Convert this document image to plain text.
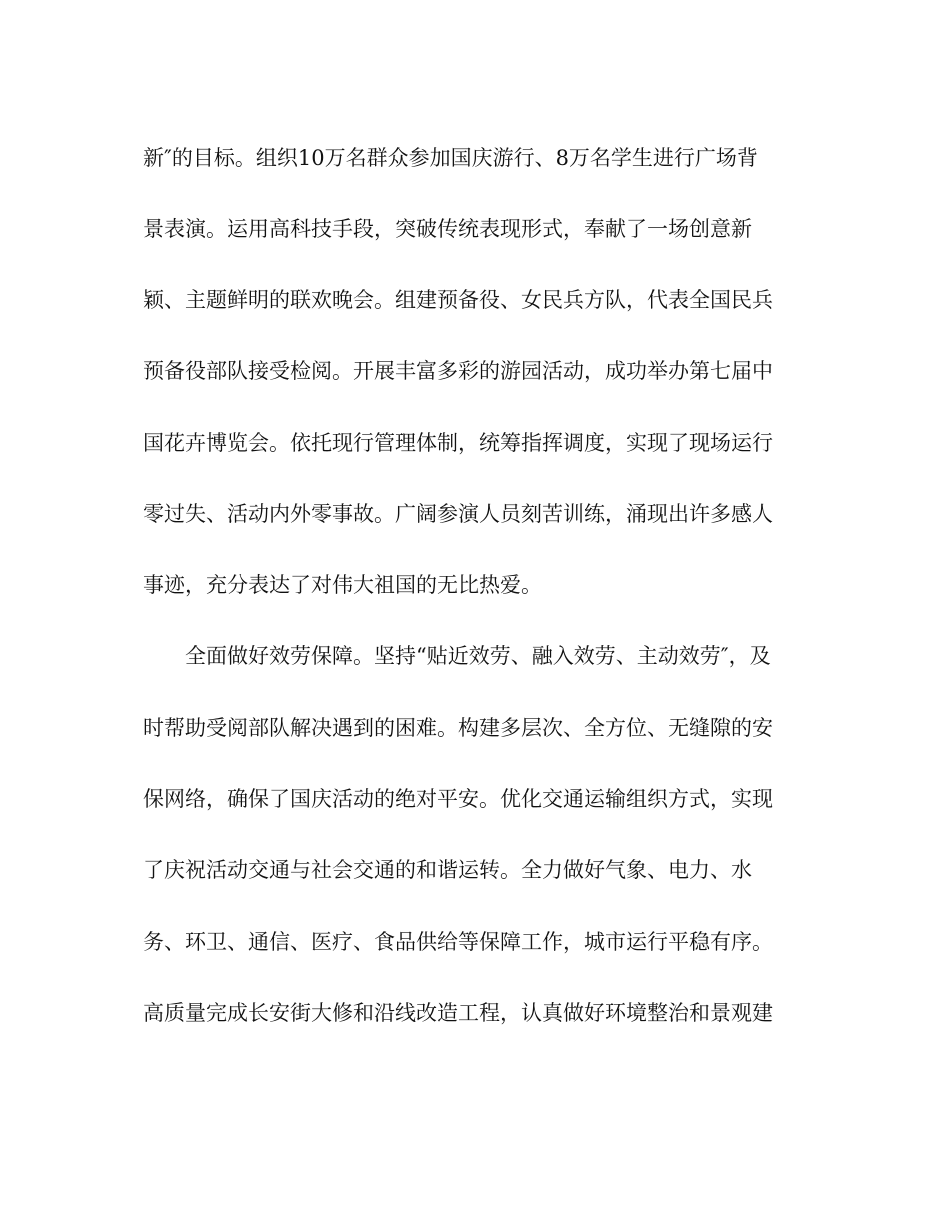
新″的目标。组织10万名群众参加国庆游行、8万名学生进行广场背
景表演。运用高科技手段，突破传统表现形式，奉献了一场创意新
颖、主题鲜明的联欢晚会。组建预备役、女民兵方队，代表全国民兵
预备役部队接受检阅。开展丰富多彩的游园活动，成功举办第七届中
国花卉博览会。依托现行管理体制，统筹指挥调度，实现了现场运行
零过失、活动内外零事故。广阔参演人员刻苦训练，涌现出许多感人
事迹，充分表达了对伟大祖国的无比热爱。
全面做好效劳保障。坚持“贴近效劳、融入效劳、主动效劳″，及
时帮助受阅部队解决遇到的困难。构建多层次、全方位、无缝隙的安
保网络，确保了国庆活动的绝对平安。优化交通运输组织方式，实现
了庆祝活动交通与社会交通的和谐运转。全力做好气象、电力、水
务、环卫、通信、医疗、食品供给等保障工作，城市运行平稳有序。
高质量完成长安街大修和沿线改造工程，认真做好环境整治和景观建
